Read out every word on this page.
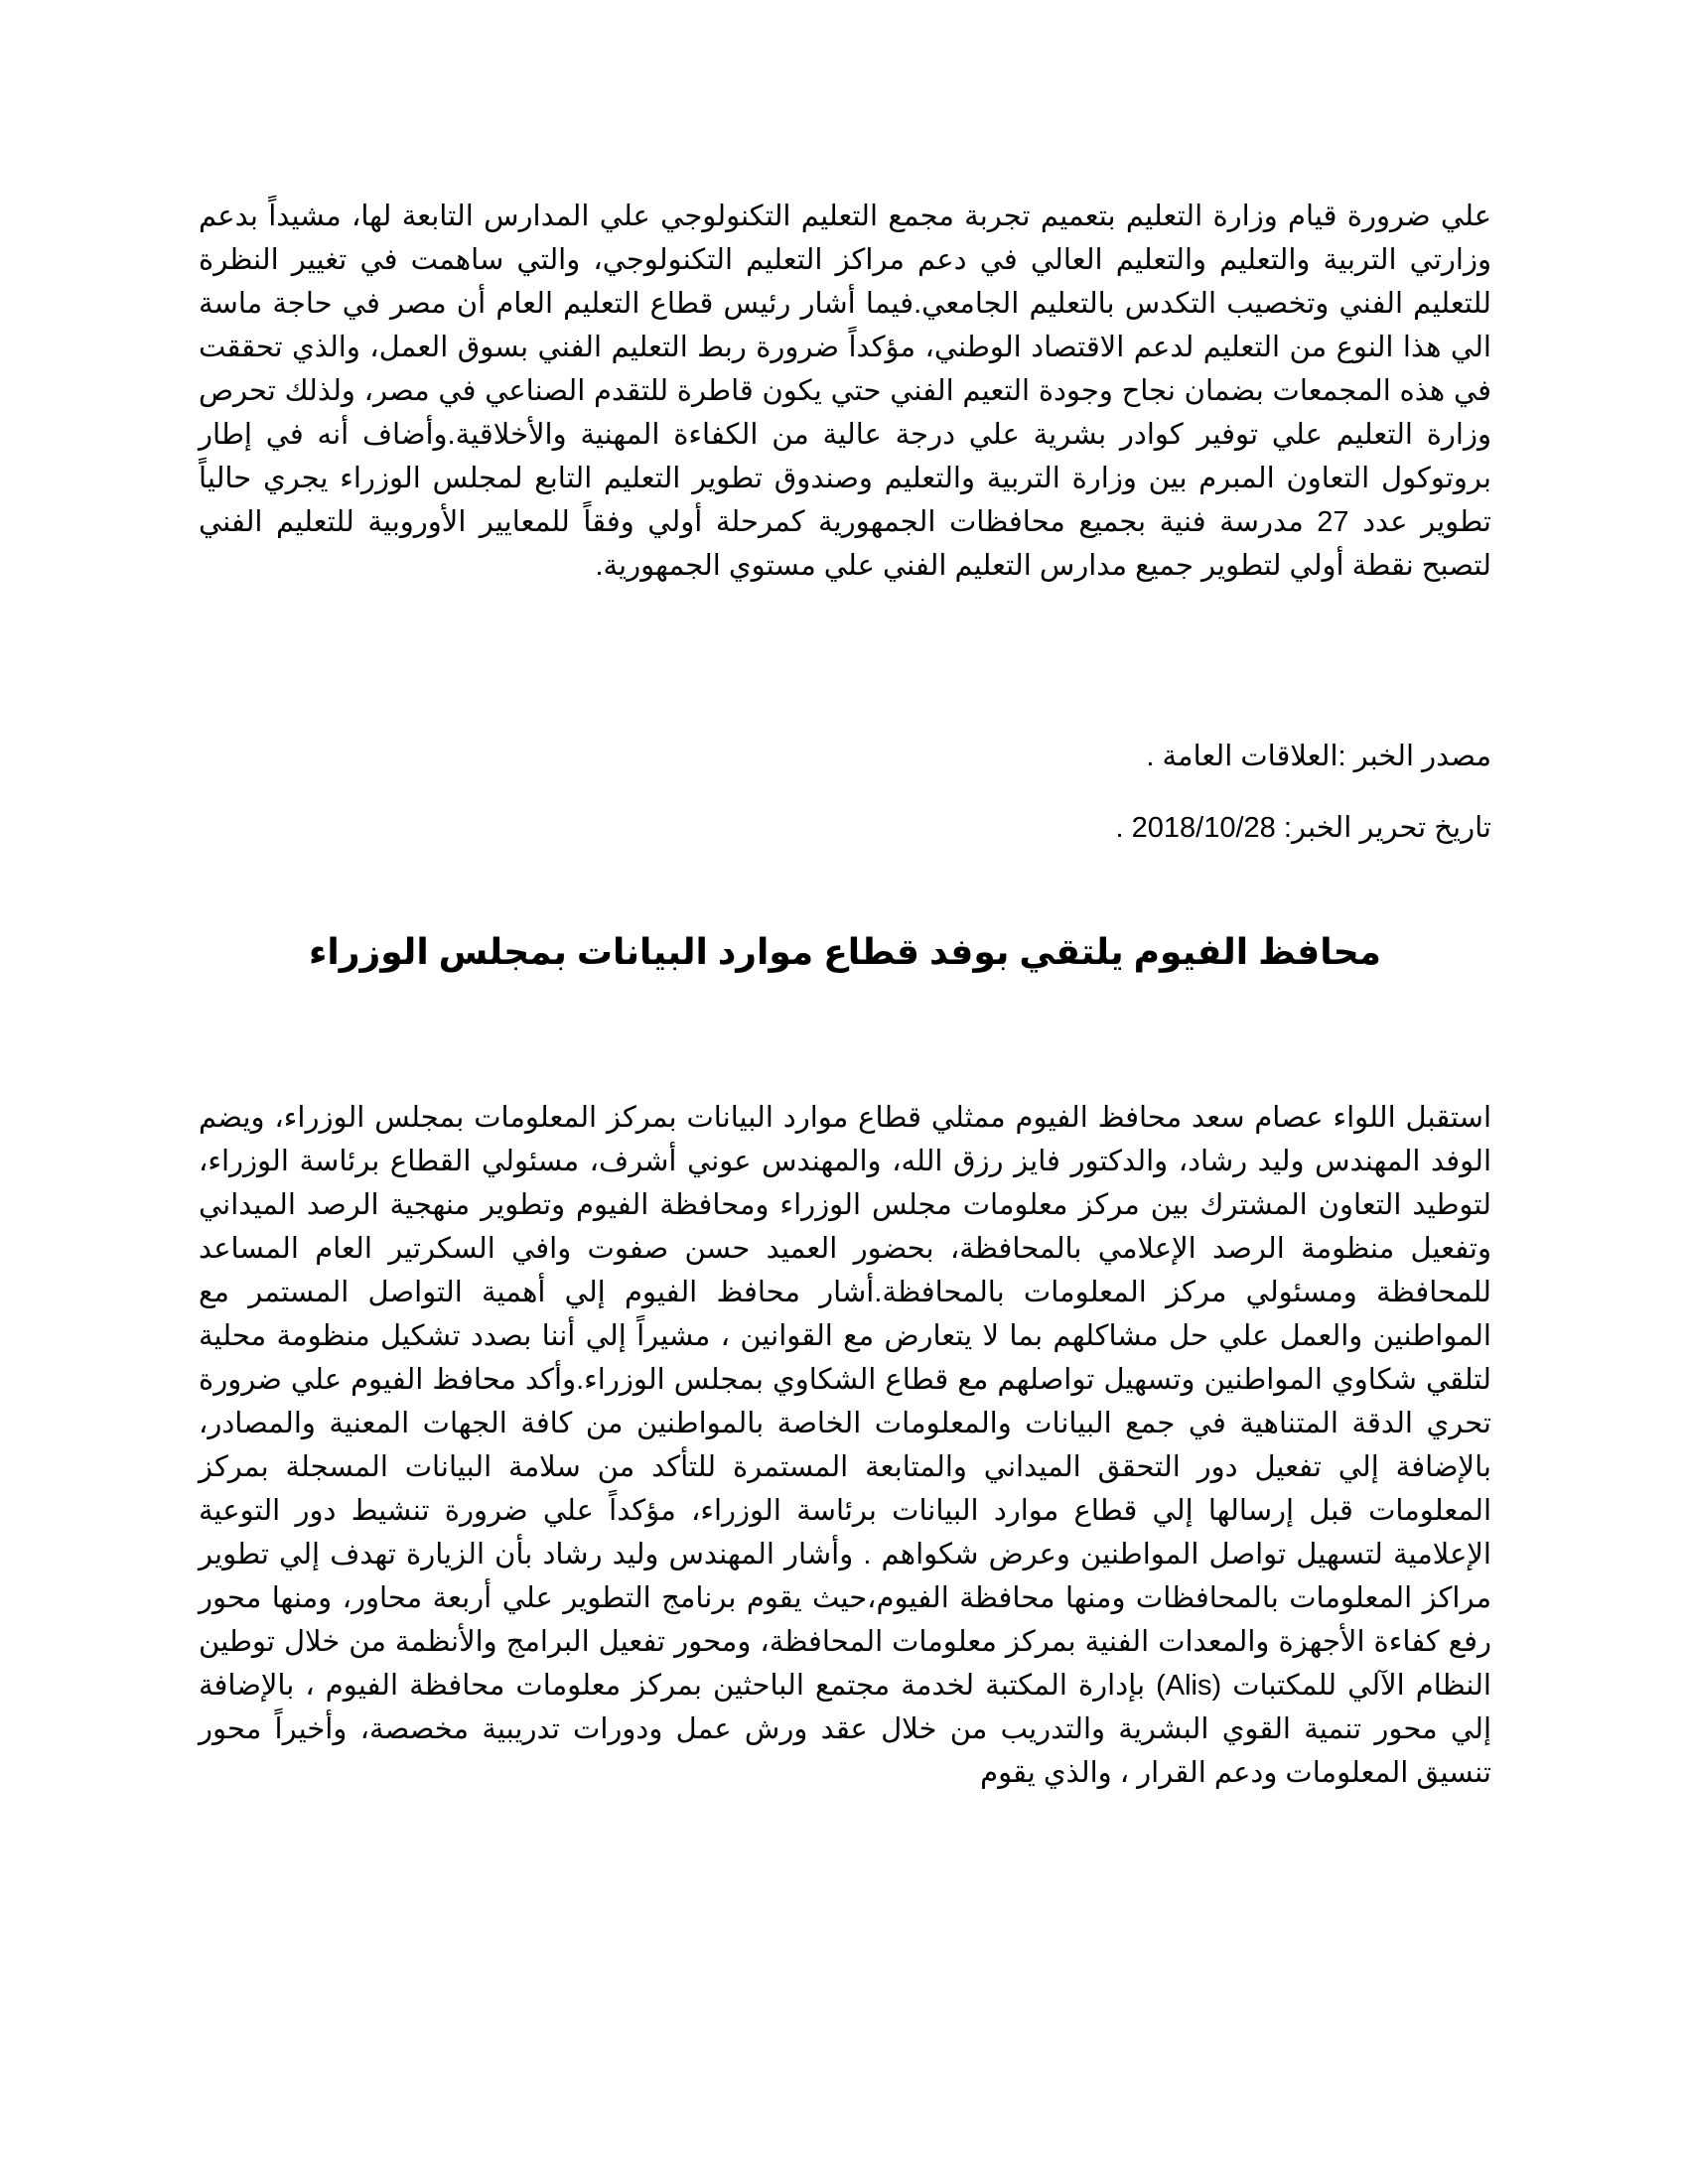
علي ضرورة قيام وزارة التعليم بتعميم تجربة مجمع التعليم التكنولوجي علي المدارس التابعة لها، مشيداً بدعم وزارتي التربية والتعليم والتعليم العالي في دعم مراكز التعليم التكنولوجي، والتي ساهمت في تغيير النظرة للتعليم الفني وتخصيب التكدس بالتعليم الجامعي.فيما أشار رئيس قطاع التعليم العام أن مصر في حاجة ماسة الي هذا النوع من التعليم لدعم الاقتصاد الوطني، مؤكداً ضرورة ربط التعليم الفني بسوق العمل، والذي تحققت في هذه المجمعات بضمان نجاح وجودة التعيم الفني حتي يكون قاطرة للتقدم الصناعي في مصر، ولذلك تحرص وزارة التعليم علي توفير كوادر بشرية علي درجة عالية من الكفاءة المهنية والأخلاقية.وأضاف أنه في إطار بروتوكول التعاون المبرم بين وزارة التربية والتعليم وصندوق تطوير التعليم التابع لمجلس الوزراء يجري حالياً تطوير عدد 27 مدرسة فنية بجميع محافظات الجمهورية كمرحلة أولي وفقاً للمعايير الأوروبية للتعليم الفني لتصبح نقطة أولي لتطوير جميع مدارس التعليم الفني علي مستوي الجمهورية.

مصدر الخبر :العلاقات العامة .

تاريخ تحرير الخبر: 2018/10/28 .

محافظ الفيوم يلتقي بوفد قطاع موارد البيانات بمجلس الوزراء

استقبل اللواء عصام سعد محافظ الفيوم ممثلي قطاع موارد البيانات بمركز المعلومات بمجلس الوزراء، ويضم الوفد المهندس وليد رشاد، والدكتور فايز رزق الله، والمهندس عوني أشرف، مسئولي القطاع برئاسة الوزراء، لتوطيد التعاون المشترك بين مركز معلومات مجلس الوزراء ومحافظة الفيوم وتطوير منهجية الرصد الميداني وتفعيل منظومة الرصد الإعلامي بالمحافظة، بحضور العميد حسن صفوت وافي السكرتير العام المساعد للمحافظة ومسئولي مركز المعلومات بالمحافظة.أشار محافظ الفيوم إلي أهمية التواصل المستمر مع المواطنين والعمل علي حل مشاكلهم بما لا يتعارض مع القوانين ، مشيراً إلي أننا بصدد تشكيل منظومة محلية لتلقي شكاوي المواطنين وتسهيل تواصلهم مع قطاع الشكاوي بمجلس الوزراء.وأكد محافظ الفيوم علي ضرورة تحري الدقة المتناهية في جمع البيانات والمعلومات الخاصة بالمواطنين من كافة الجهات المعنية والمصادر، بالإضافة إلي تفعيل دور التحقق الميداني والمتابعة المستمرة للتأكد من سلامة البيانات المسجلة بمركز المعلومات قبل إرسالها إلي قطاع موارد البيانات برئاسة الوزراء، مؤكداً علي ضرورة تنشيط دور التوعية الإعلامية لتسهيل تواصل المواطنين وعرض شكواهم . وأشار المهندس وليد رشاد بأن الزيارة تهدف إلي تطوير مراكز المعلومات بالمحافظات ومنها محافظة الفيوم،حيث يقوم برنامج التطوير علي أربعة محاور، ومنها محور رفع كفاءة الأجهزة والمعدات الفنية بمركز معلومات المحافظة، ومحور تفعيل البرامج والأنظمة من خلال توطين النظام الآلي للمكتبات (Alis) بإدارة المكتبة لخدمة مجتمع الباحثين بمركز معلومات محافظة الفيوم ، بالإضافة إلي محور تنمية القوي البشرية والتدريب من خلال عقد ورش عمل ودورات تدريبية مخصصة، وأخيراً محور تنسيق المعلومات ودعم القرار ، والذي يقوم
